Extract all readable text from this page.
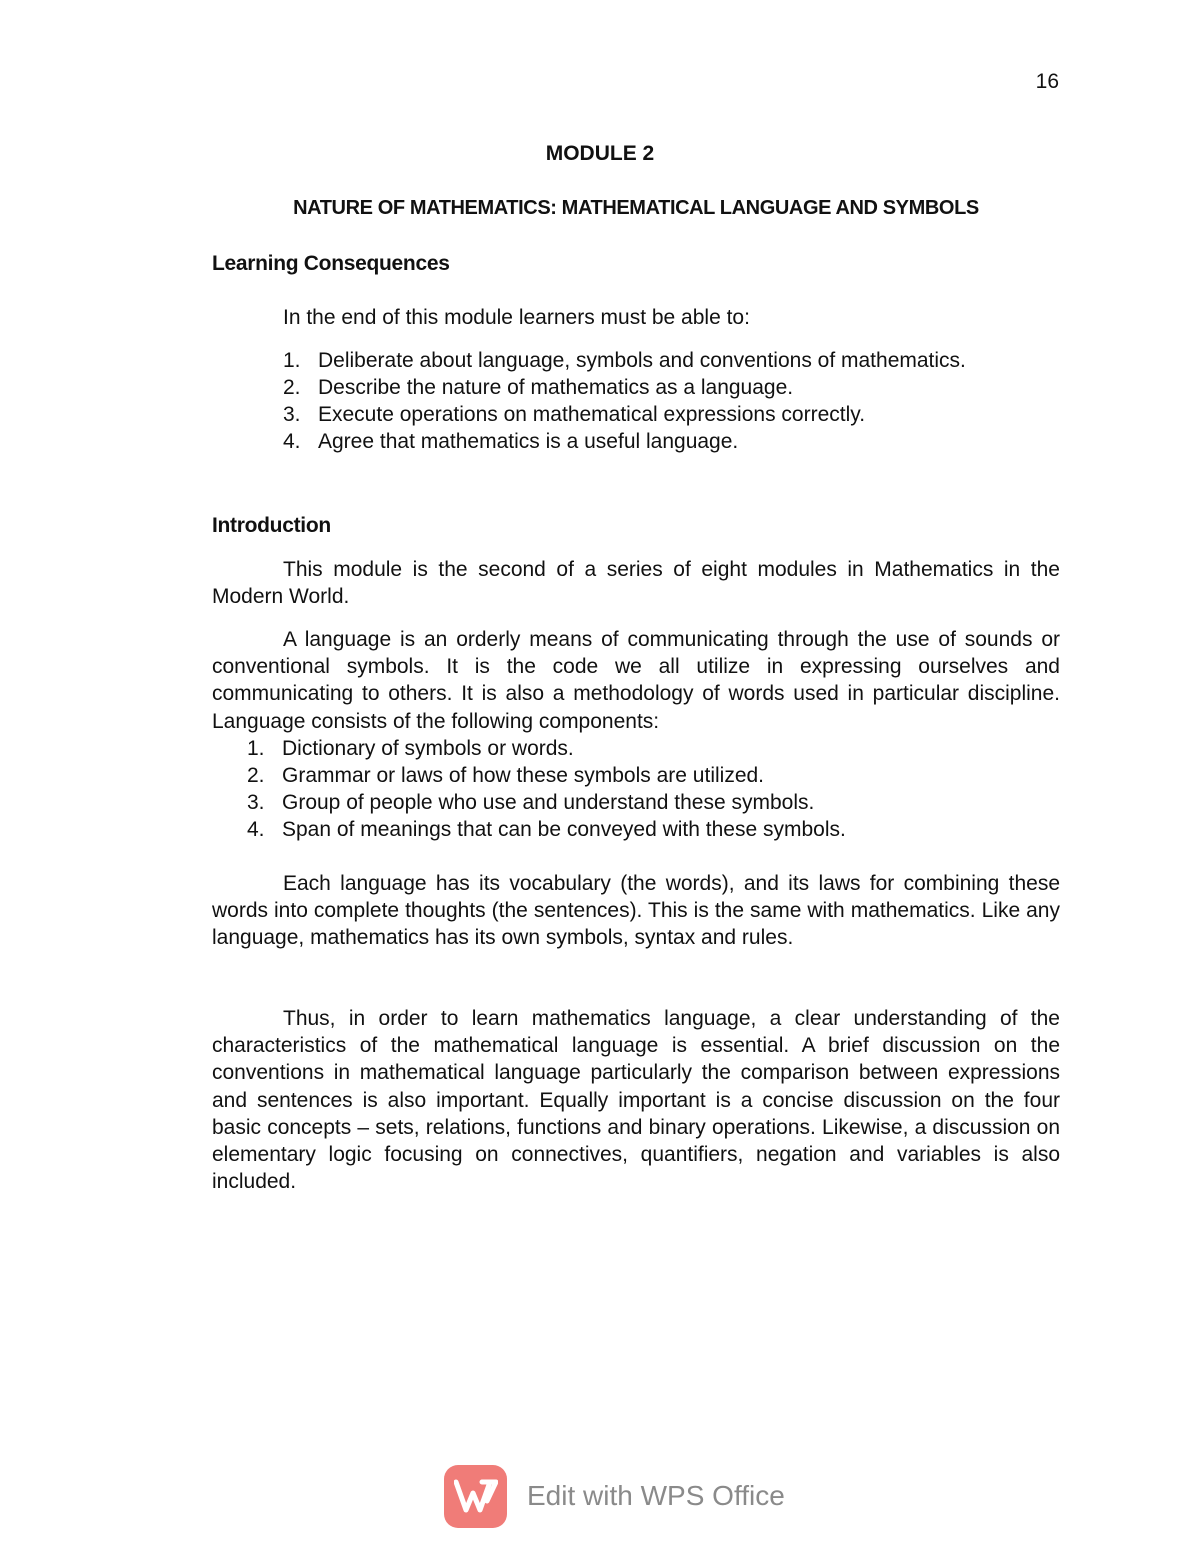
16
MODULE 2
NATURE OF MATHEMATICS: MATHEMATICAL LANGUAGE AND SYMBOLS
Learning Consequences
In the end of this module learners must be able to:
1. Deliberate about language, symbols and conventions of mathematics.
2. Describe the nature of mathematics as a language.
3. Execute operations on mathematical expressions correctly.
4. Agree that mathematics is a useful language.
Introduction

This module is the second of a series of eight modules in Mathematics in the Modern World.

A language is an orderly means of communicating through the use of sounds or conventional symbols. It is the code we all utilize in expressing ourselves and communicating to others. It is also a methodology of words used in particular discipline. Language consists of the following components:

1. Dictionary of symbols or words.
2. Grammar or laws of how these symbols are utilized.
3. Group of people who use and understand these symbols.
4. Span of meanings that can be conveyed with these symbols.

Each language has its vocabulary (the words), and its laws for combining these words into complete thoughts (the sentences). This is the same with mathematics. Like any language, mathematics has its own symbols, syntax and rules.

Thus, in order to learn mathematics language, a clear understanding of the characteristics of the mathematical language is essential. A brief discussion on the conventions in mathematical language particularly the comparison between expressions and sentences is also important. Equally important is a concise discussion on the four basic concepts – sets, relations, functions and binary operations. Likewise, a discussion on elementary logic focusing on connectives, quantifiers, negation and variables is also included.

Edit with WPS Office
